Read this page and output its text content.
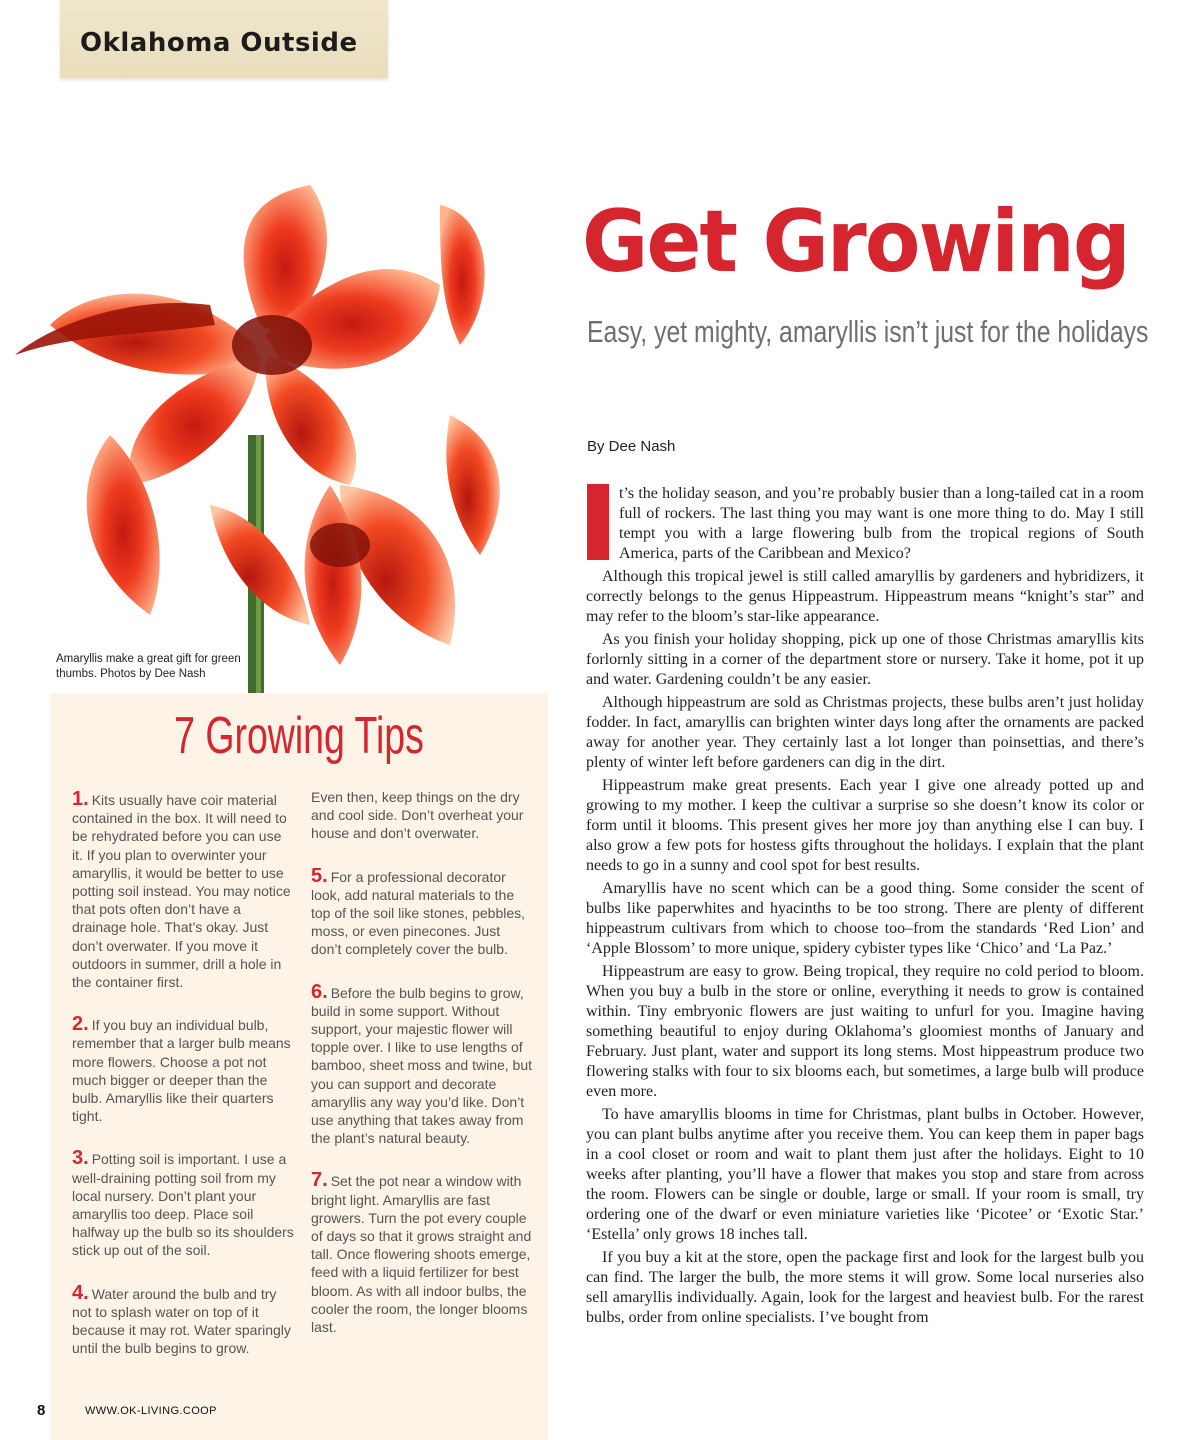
Oklahoma Outside
Amaryllis make a great gift for green thumbs. Photos by Dee Nash
Get Growing
Easy, yet mighty, amaryllis isn’t just for the holidays
By Dee Nash

I	t’s the holiday season, and you’re probably busier than a long-tailed cat in a room full of rockers. The last thing you may want is one more thing to do. May I still tempt you with a large flowering bulb from the tropical regions of South America, parts of the Caribbean and Mexico?

Although this tropical jewel is still called amaryllis by gardeners and hybridizers, it correctly belongs to the genus Hippeastrum. Hippeastrum means “knight’s star” and may refer to the bloom’s star-like appearance.

As you finish your holiday shopping, pick up one of those Christmas amaryllis kits forlornly sitting in a corner of the department store or nursery. Take it home, pot it up and water. Gardening couldn’t be any easier.

Although hippeastrum are sold as Christmas projects, these bulbs aren’t just holiday fodder. In fact, amaryllis can brighten winter days long after the ornaments are packed away for another year. They certainly last a lot longer than poinsettias, and there’s plenty of winter left before gardeners can dig in the dirt.

Hippeastrum make great presents. Each year I give one already potted up and growing to my mother. I keep the cultivar a surprise so she doesn’t know its color or form until it blooms. This present gives her more joy than anything else I can buy. I also grow a few pots for hostess gifts throughout the holidays. I explain that the plant needs to go in a sunny and cool spot for best results.

Amaryllis have no scent which can be a good thing. Some consider the scent of bulbs like paperwhites and hyacinths to be too strong. There are plenty of different hippeastrum cultivars from which to choose too–from the standards ‘Red Lion’ and ‘Apple Blossom’ to more unique, spidery cybister types like ‘Chico’ and ‘La Paz.’

Hippeastrum are easy to grow. Being tropical, they require no cold period to bloom. When you buy a bulb in the store or online, everything it needs to grow is contained within. Tiny embryonic flowers are just waiting to unfurl for you. Imagine having something beautiful to enjoy during Oklahoma’s gloomiest months of January and February. Just plant, water and support its long stems. Most hippeastrum produce two flowering stalks with four to six blooms each, but sometimes, a large bulb will produce even more.

To have amaryllis blooms in time for Christmas, plant bulbs in October. However, you can plant bulbs anytime after you receive them. You can keep them in paper bags in a cool closet or room and wait to plant them just after the holidays. Eight to 10 weeks after planting, you’ll have a flower that makes you stop and stare from across the room. Flowers can be single or double, large or small. If your room is small, try ordering one of the dwarf or even miniature varieties like ‘Picotee’ or ‘Exotic Star.’ ‘Estella’ only grows 18 inches tall.

If you buy a kit at the store, open the package first and look for the largest bulb you can find. The larger the bulb, the more stems it will grow. Some local nurseries also sell amaryllis individually. Again, look for the largest and heaviest bulb. For the rarest bulbs, order from online specialists. I’ve bought from

7 Growing Tips

1. Kits usually have coir material contained in the box. It will need to be rehydrated before you can use it. If you plan to overwinter your amaryllis, it would be better to use potting soil instead. You may notice that pots often don’t have a drainage hole. That’s okay. Just don’t overwater. If you move it outdoors in summer, drill a hole in the container first.

2. If you buy an individual bulb, remember that a larger bulb means more flowers. Choose a pot not much bigger or deeper than the bulb. Amaryllis like their quarters tight.

3. Potting soil is important. I use a well-draining potting soil from my local nursery. Don’t plant your amaryllis too deep. Place soil halfway up the bulb so its shoulders stick up out of the soil.

4. Water around the bulb and try not to splash water on top of it because it may rot. Water sparingly until the bulb begins to grow.

Even then, keep things on the dry and cool side. Don’t overheat your house and don’t overwater.

5. For a professional decorator look, add natural materials to the top of the soil like stones, pebbles, moss, or even pinecones. Just don’t completely cover the bulb.

6. Before the bulb begins to grow, build in some support. Without support, your majestic flower will topple over. I like to use lengths of bamboo, sheet moss and twine, but you can support and decorate amaryllis any way you’d like. Don’t use anything that takes away from the plant’s natural beauty.

7. Set the pot near a window with bright light. Amaryllis are fast growers. Turn the pot every couple of days so that it grows straight and tall. Once flowering shoots emerge, feed with a liquid fertilizer for best bloom. As with all indoor bulbs, the cooler the room, the longer blooms last.

8	WWW.OK-LIVING.COOP
